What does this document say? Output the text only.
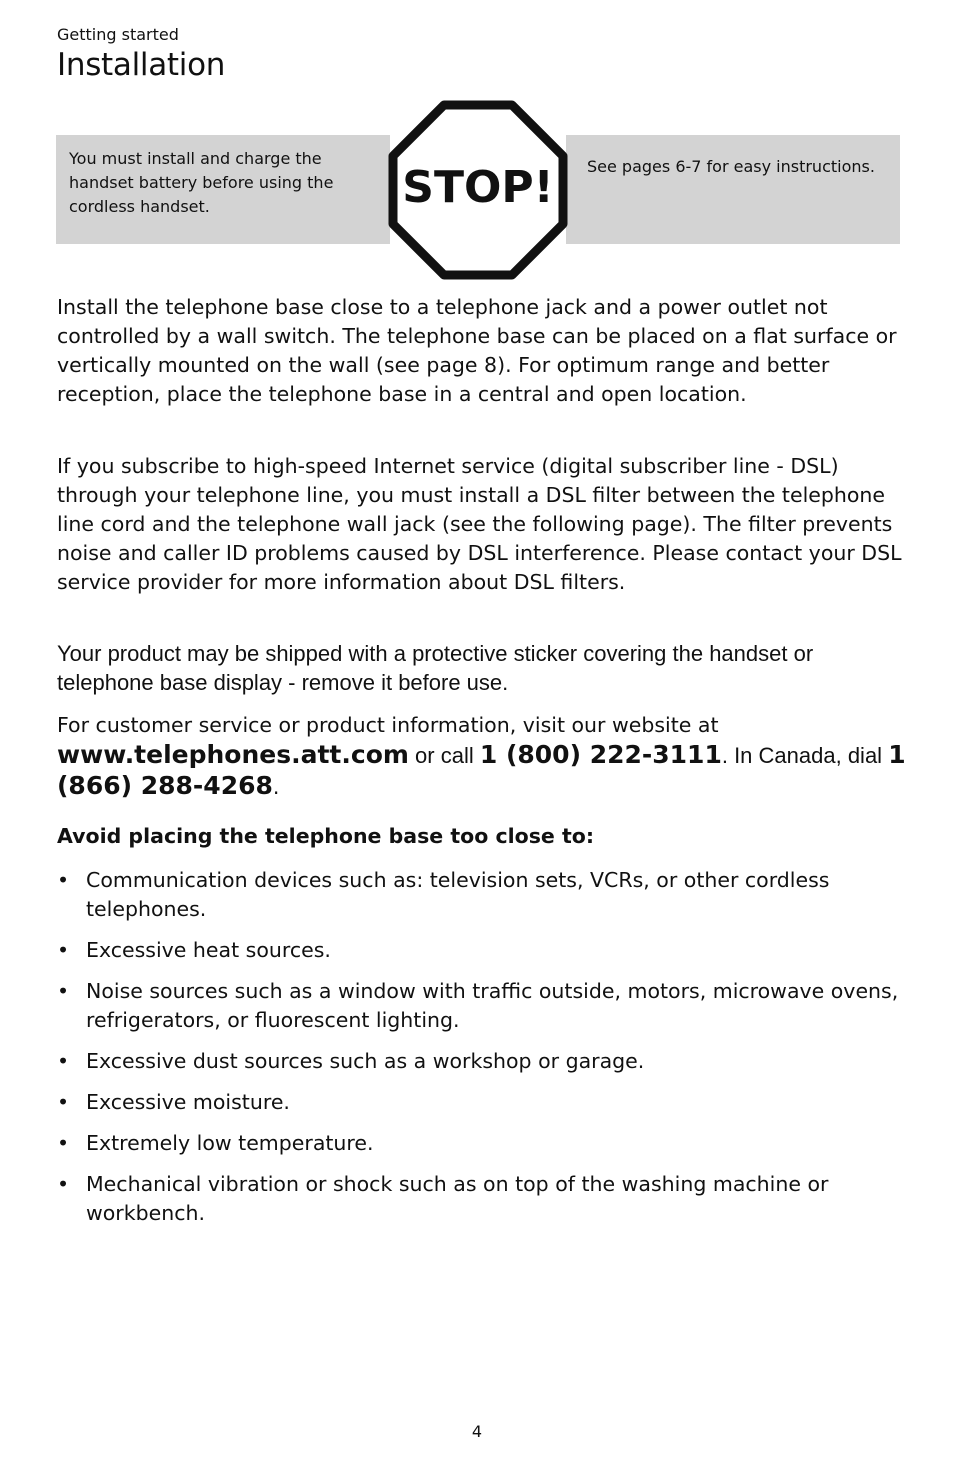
Getting started
Installation
You must install and charge the handset battery before using the cordless handset.
See pages 6-7 for easy instructions.
STOP!

Install the telephone base close to a telephone jack and a power outlet not controlled by a wall switch. The telephone base can be placed on a flat surface or vertically mounted on the wall (see page 8). For optimum range and better reception, place the telephone base in a central and open location.

If you subscribe to high-speed Internet service (digital subscriber line - DSL) through your telephone line, you must install a DSL filter between the telephone line cord and the telephone wall jack (see the following page). The filter prevents noise and caller ID problems caused by DSL interference. Please contact your DSL service provider for more information about DSL filters.

Your product may be shipped with a protective sticker covering the handset or telephone base display - remove it before use.

For customer service or product information, visit our website at www.telephones.att.com or call 1 (800) 222-3111. In Canada, dial 1 (866) 288-4268.

Avoid placing the telephone base too close to:

• Communication devices such as: television sets, VCRs, or other cordless telephones.
• Excessive heat sources.
• Noise sources such as a window with traffic outside, motors, microwave ovens, refrigerators, or fluorescent lighting.
• Excessive dust sources such as a workshop or garage.
• Excessive moisture.
• Extremely low temperature.
• Mechanical vibration or shock such as on top of the washing machine or workbench.

4
